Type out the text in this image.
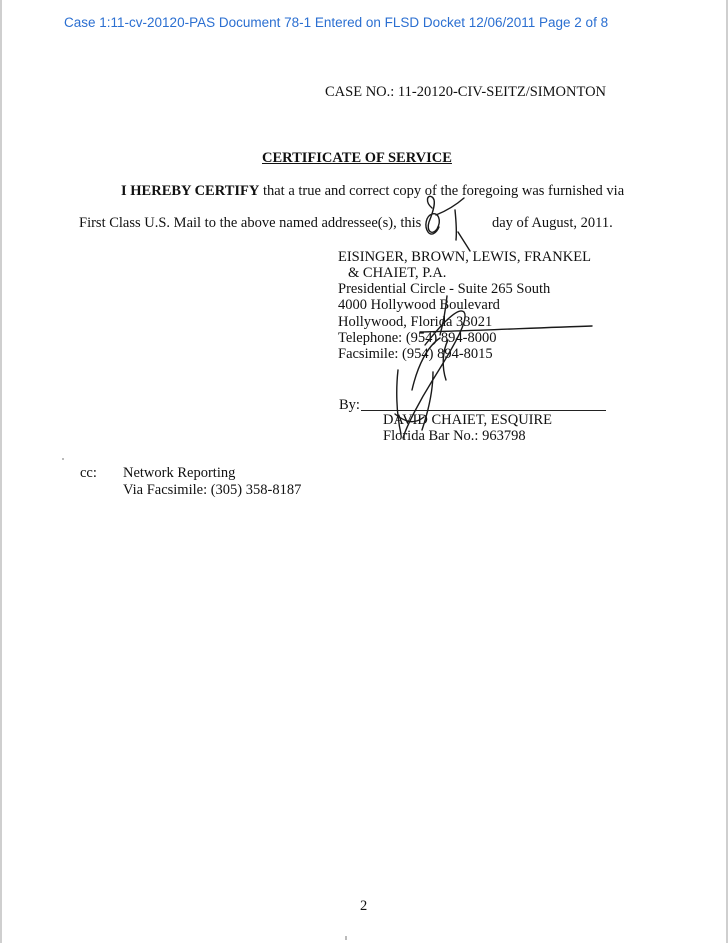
Case 1:11-cv-20120-PAS Document 78-1 Entered on FLSD Docket 12/06/2011 Page 2 of 8
CASE NO.: 11-20120-CIV-SEITZ/SIMONTON
CERTIFICATE OF SERVICE
I HEREBY CERTIFY that a true and correct copy of the foregoing was furnished via
First Class U.S. Mail to the above named addressee(s), this	day of August, 2011.
EISINGER, BROWN, LEWIS, FRANKEL
& CHAIET, P.A.
Presidential Circle - Suite 265 South
4000 Hollywood Boulevard
Hollywood, Florida 33021
Telephone: (954) 894-8000
Facsimile: (954) 894-8015
By:
DAVID CHAIET, ESQUIRE
Florida Bar No.: 963798
cc: Network Reporting
Via Facsimile: (305) 358-8187
2
